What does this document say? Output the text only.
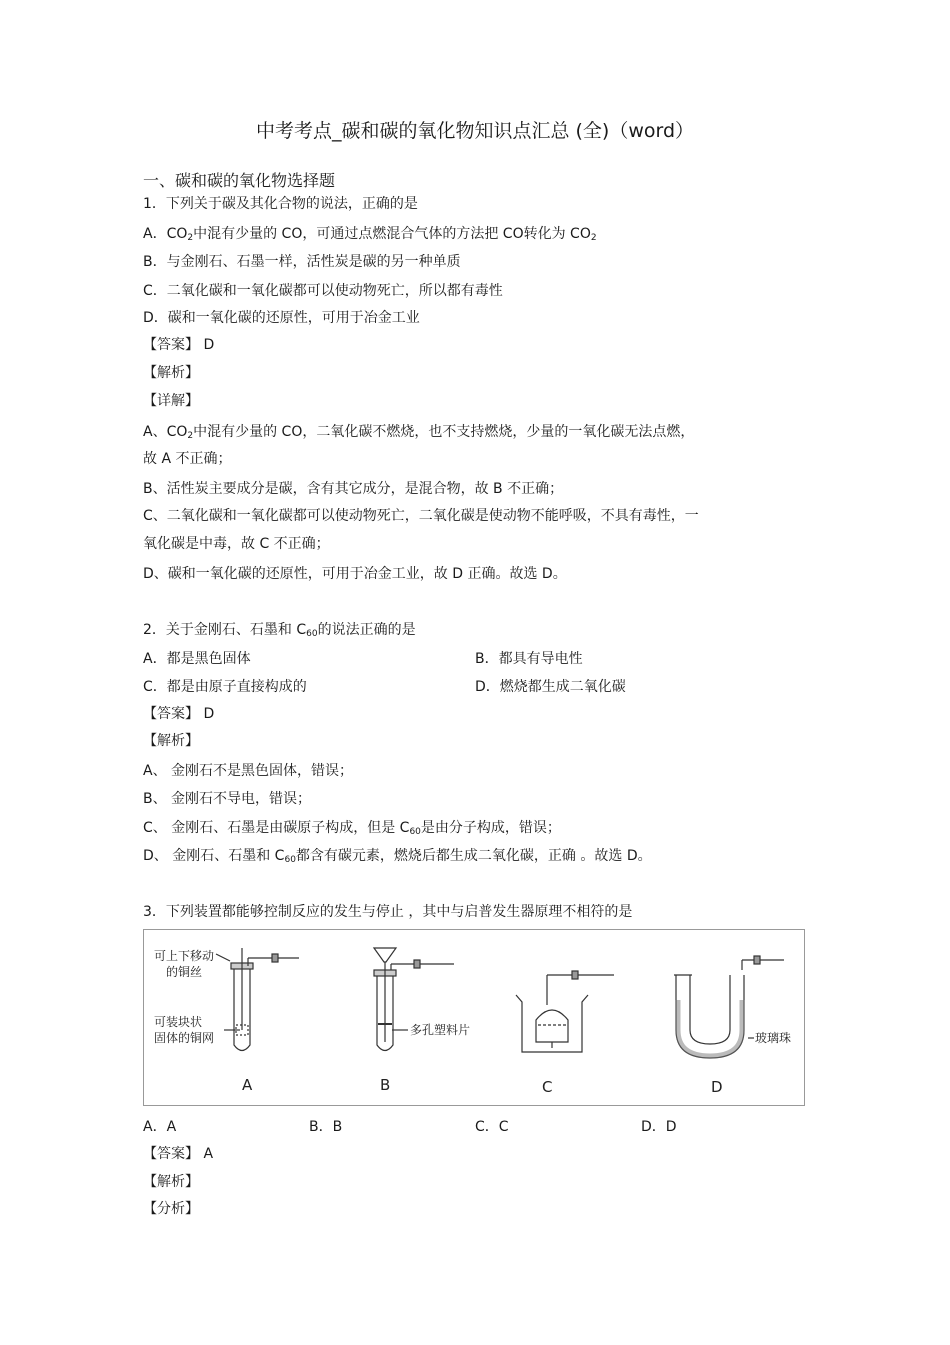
中考考点_碳和碳的氧化物知识点汇总 (全)（word）
一、碳和碳的氧化物选择题
1．下列关于碳及其化合物的说法，正确的是
A．$CO_2$中混有少量的 CO，可通过点燃混合气体的方法把 CO转化为 $CO_2$
B．与金刚石、石墨一样，活性炭是碳的另一种单质
C．二氧化碳和一氧化碳都可以使动物死亡，所以都有毒性
D．碳和一氧化碳的还原性，可用于冶金工业
【答案】 D
【解析】
【详解】
A、$CO_2$中混有少量的 CO，二氧化碳不燃烧，也不支持燃烧，少量的一氧化碳无法点燃，
故 A 不正确；
B、活性炭主要成分是碳，含有其它成分，是混合物，故 B 不正确；
C、二氧化碳和一氧化碳都可以使动物死亡，二氧化碳是使动物不能呼吸，不具有毒性，一
氧化碳是中毒，故 C 不正确；
D、碳和一氧化碳的还原性，可用于冶金工业，故 D 正确。故选 D。
2．关于金刚石、石墨和 $C_{60}$的说法正确的是
A．都是黑色固体	B．都具有导电性
C．都是由原子直接构成的	D．燃烧都生成二氧化碳
【答案】 D
【解析】
A、 金刚石不是黑色固体，错误；
B、 金刚石不导电，错误；
C、 金刚石、石墨是由碳原子构成，但是 $C_{60}$是由分子构成，错误；
D、 金刚石、石墨和 $C_{60}$都含有碳元素，燃烧后都生成二氧化碳，正确 。故选 D。
3．下列装置都能够控制反应的发生与停止 ，其中与启普发生器原理不相符的是
可上下移动
的铜丝
可装块状
固体的铜网
多孔塑料片
玻璃珠
A	B	C	D
A．A	B．B	C．C	D．D
【答案】 A
【解析】
【分析】
